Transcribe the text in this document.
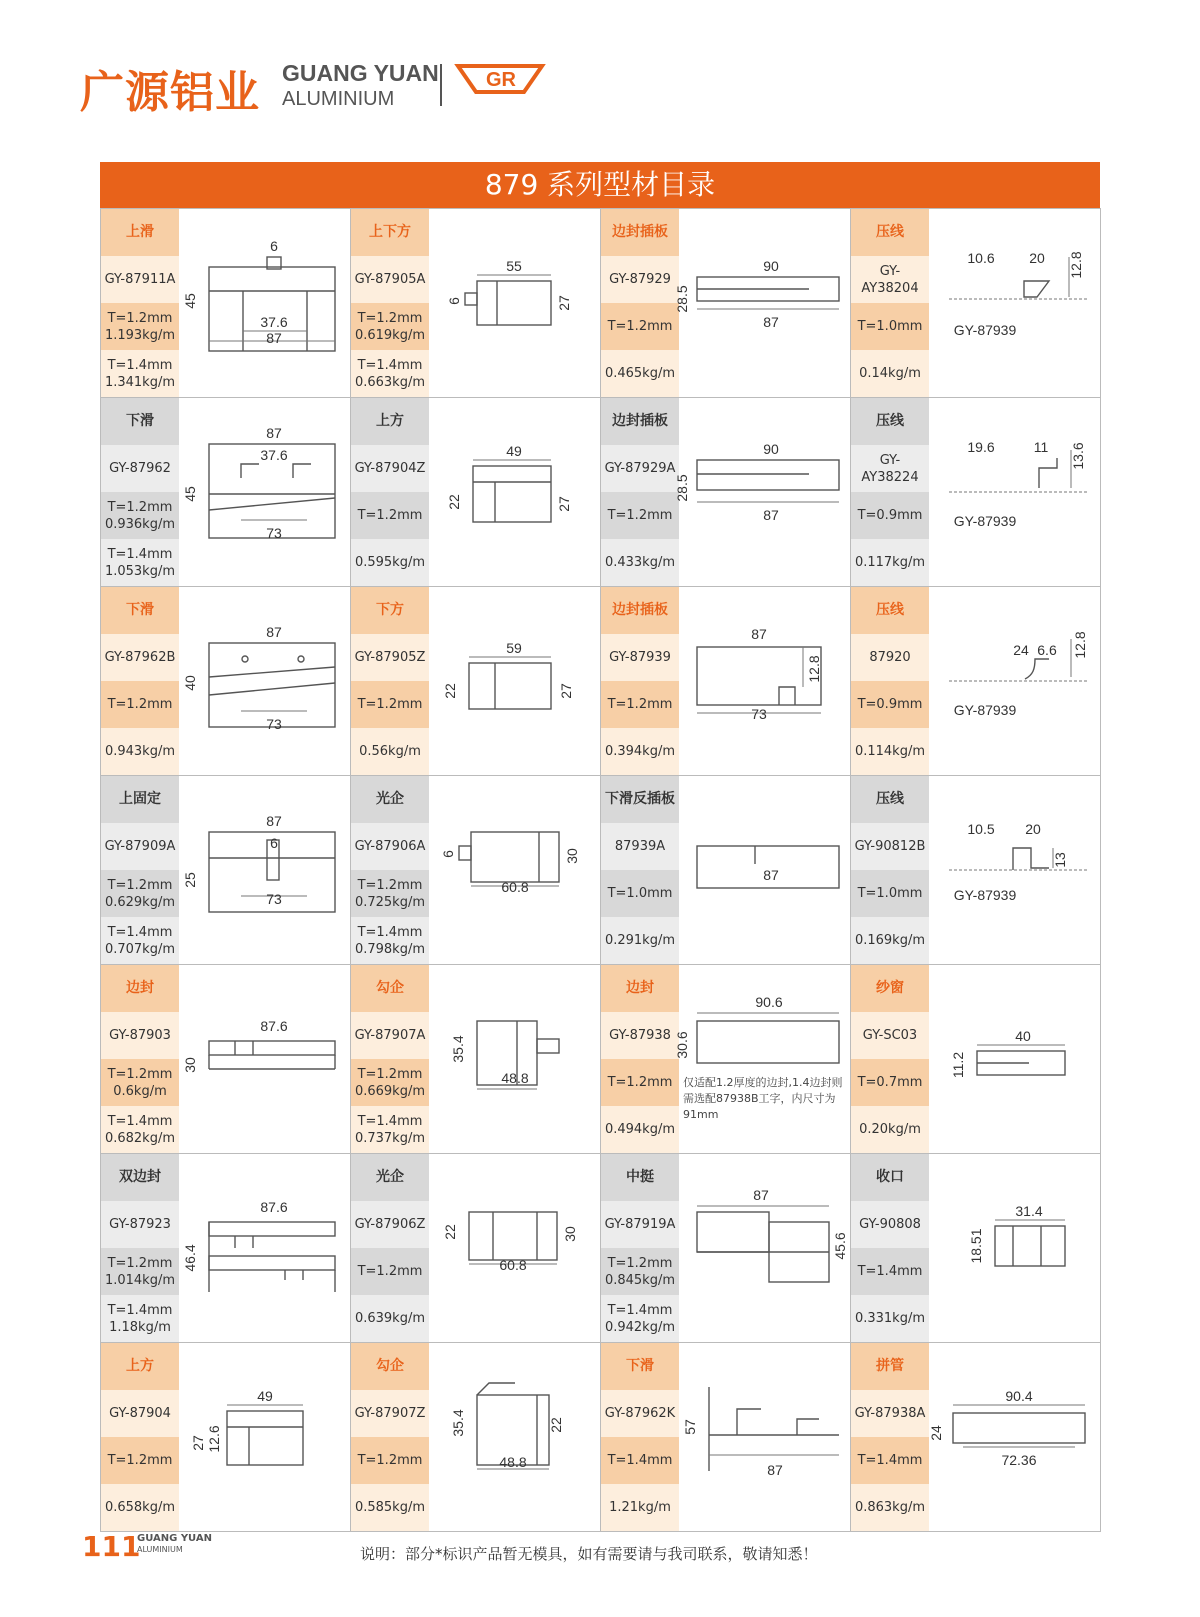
广源铝业 GUANG YUAN
ALUMINIUM
GR
879 系列型材目录
上滑
GY-87911A
T=1.2mm
1.193kg/m
T=1.4mm
1.341kg/m
6
45
37.6
87
上下方
GY-87905A
T=1.2mm
0.619kg/m
T=1.4mm
0.663kg/m
55
6	27
边封插板
GY-87929
T=1.2mm
0.465kg/m
90
28.5
87
压线
GY-AY38204
T=1.0mm
0.14kg/m
10.6 20 12.8
GY-87939
下滑
GY-87962
T=1.2mm
0.936kg/m
T=1.4mm
1.053kg/m
87
37.6
45
73
上方
GY-87904Z
T=1.2mm
0.595kg/m
49
22	27
边封插板
GY-87929A
T=1.2mm
0.433kg/m
90
28.5
87
压线
GY-AY38224
T=0.9mm
0.117kg/m
19.6	11 13.6
GY-87939
下滑
GY-87962B
T=1.2mm
0.943kg/m
87
40
73
下方
GY-87905Z
T=1.2mm
0.56kg/m
59
22	27
边封插板
GY-87939
T=1.2mm
0.394kg/m
87
12.8
73
压线
87920
T=0.9mm
0.114kg/m
24 6.6 12.8
GY-87939
上固定
GY-87909A
T=1.2mm
0.629kg/m
T=1.4mm
0.707kg/m
87
6
25
73
光企
GY-87906A
T=1.2mm
0.725kg/m
T=1.4mm
0.798kg/m
6	30
60.8
下滑反插板
87939A
T=1.0mm
0.291kg/m
87
压线
GY-90812B
T=1.0mm
0.169kg/m
10.5 20
13
GY-87939
边封
GY-87903
T=1.2mm
0.6kg/m
T=1.4mm
0.682kg/m
87.6
30
勾企
GY-87907A
T=1.2mm
0.669kg/m
T=1.4mm
0.737kg/m
35.4
48.8
边封
GY-87938
T=1.2mm
0.494kg/m
90.6
30.6
仅适配1.2厚度的边封,1.4边封则
需选配87938B工字，内尺寸为91mm
纱窗
GY-SC03
T=0.7mm
0.20kg/m
40
11.2
双边封
GY-87923
T=1.2mm
1.014kg/m
T=1.4mm
1.18kg/m
87.6
46.4
光企
GY-87906Z
T=1.2mm
0.639kg/m
22	30
60.8
中挺
GY-87919A
T=1.2mm
0.845kg/m
T=1.4mm
0.942kg/m
87
45.6
收口
GY-90808
T=1.4mm
0.331kg/m
31.4
18.51
上方
GY-87904
T=1.2mm
0.658kg/m
49
27 12.6
勾企
GY-87907Z
T=1.2mm
0.585kg/m
35.4	22
48.8
下滑
GY-87962K
T=1.4mm
1.21kg/m
57
87
拼管
GY-87938A
T=1.4mm
0.863kg/m
90.4
24
72.36
111
GUANG YUAN
ALUMINIUM	说明：部分*标识产品暂无模具，如有需要请与我司联系，敬请知悉！
